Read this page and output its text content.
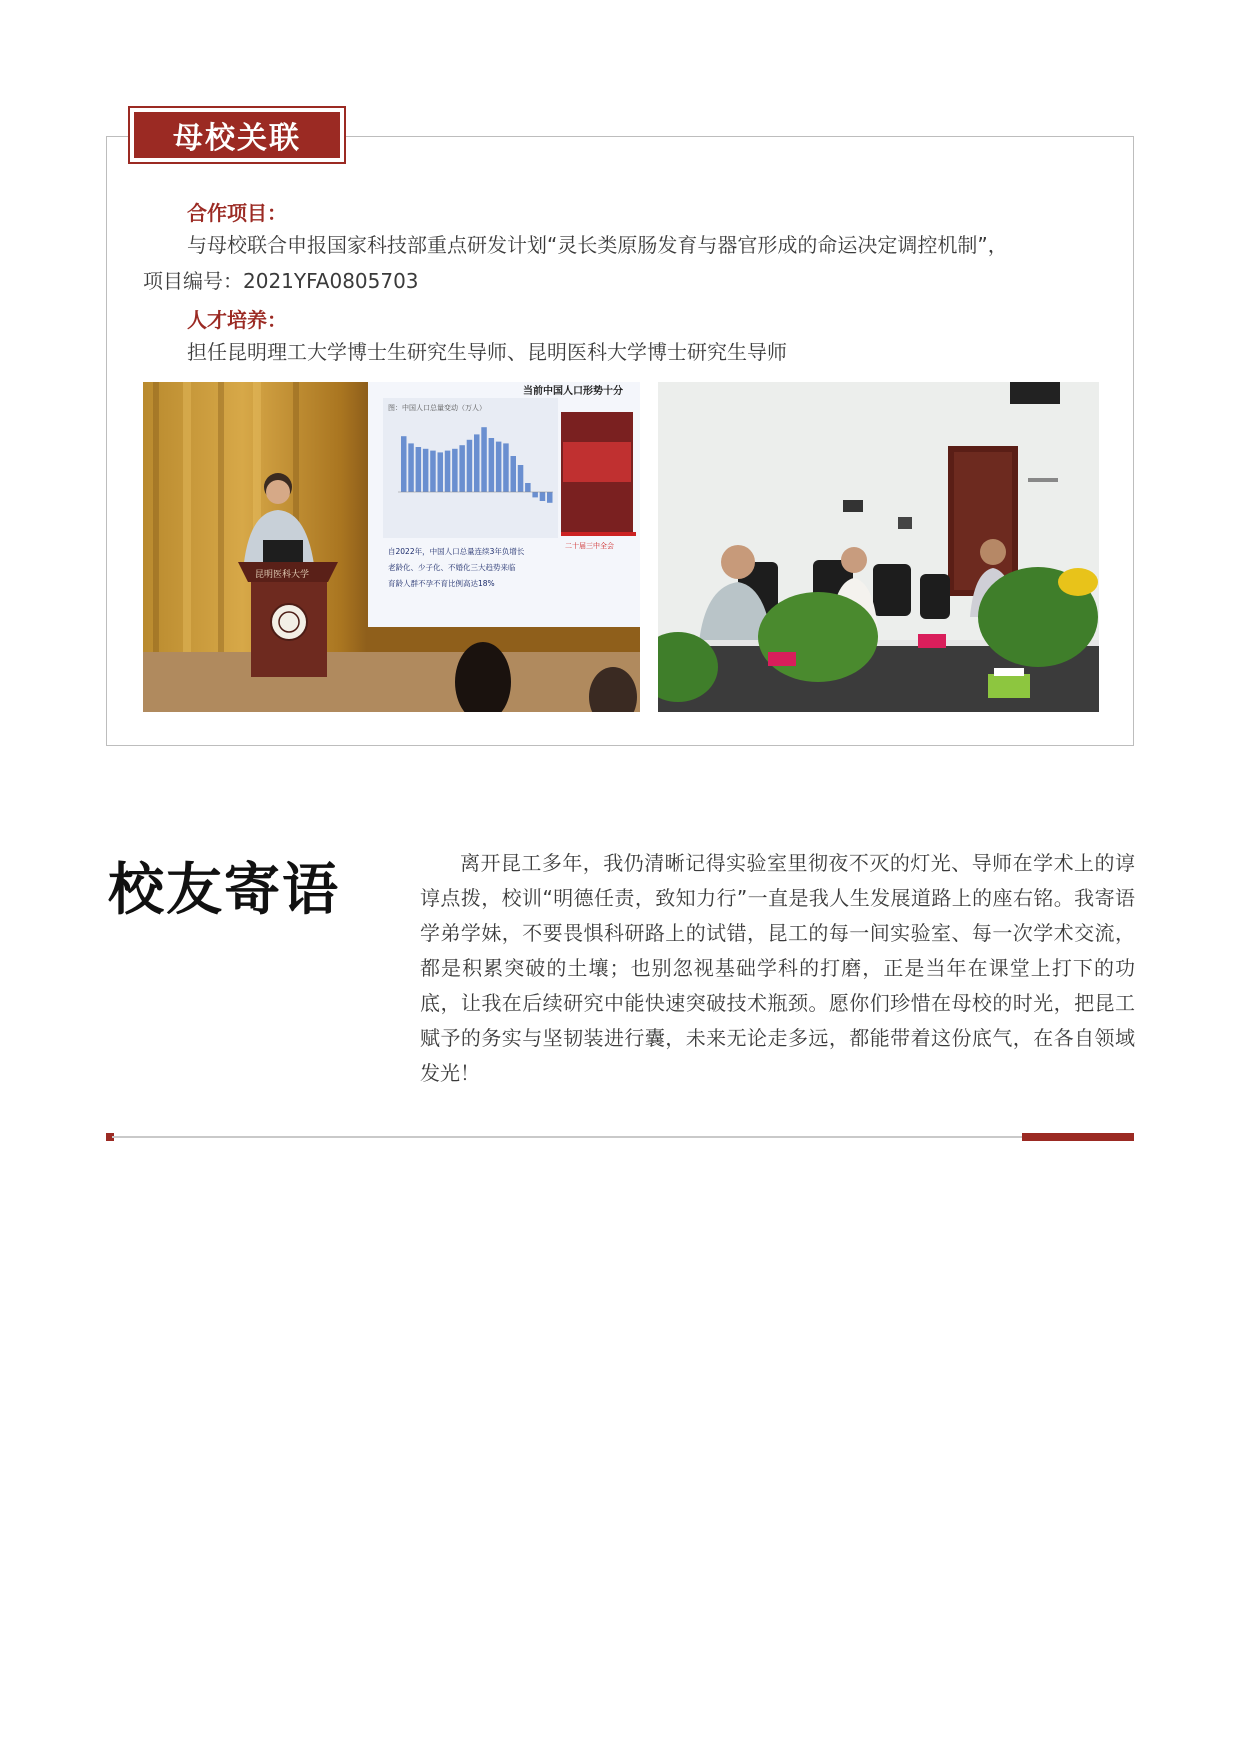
母校关联
合作项目：
与母校联合申报国家科技部重点研发计划“灵长类原肠发育与器官形成的命运决定调控机制”，
项目编号：2021YFA0805703
人才培养：
担任昆明理工大学博士生研究生导师、昆明医科大学博士研究生导师
当前中国人口形势十分
图：中国人口总量变动（万人）
二十届三中全会
自2022年，中国人口总量连续3年负增长
老龄化、少子化、不婚化三大趋势来临
育龄人群不孕不育比例高达18%
昆明医科大学
校友寄语	离开昆工多年，我仍清晰记得实验室里彻夜不灭的灯光、导师在学术上的谆谆点拨，校训“明德任责，致知力行”一直是我人生发展道路上的座右铭。我寄语学弟学妹，不要畏惧科研路上的试错，昆工的每一间实验室、每一次学术交流，都是积累突破的土壤；也别忽视基础学科的打磨，正是当年在课堂上打下的功底，让我在后续研究中能快速突破技术瓶颈。愿你们珍惜在母校的时光，把昆工赋予的务实与坚韧装进行囊，未来无论走多远，都能带着这份底气，在各自领域发光！
